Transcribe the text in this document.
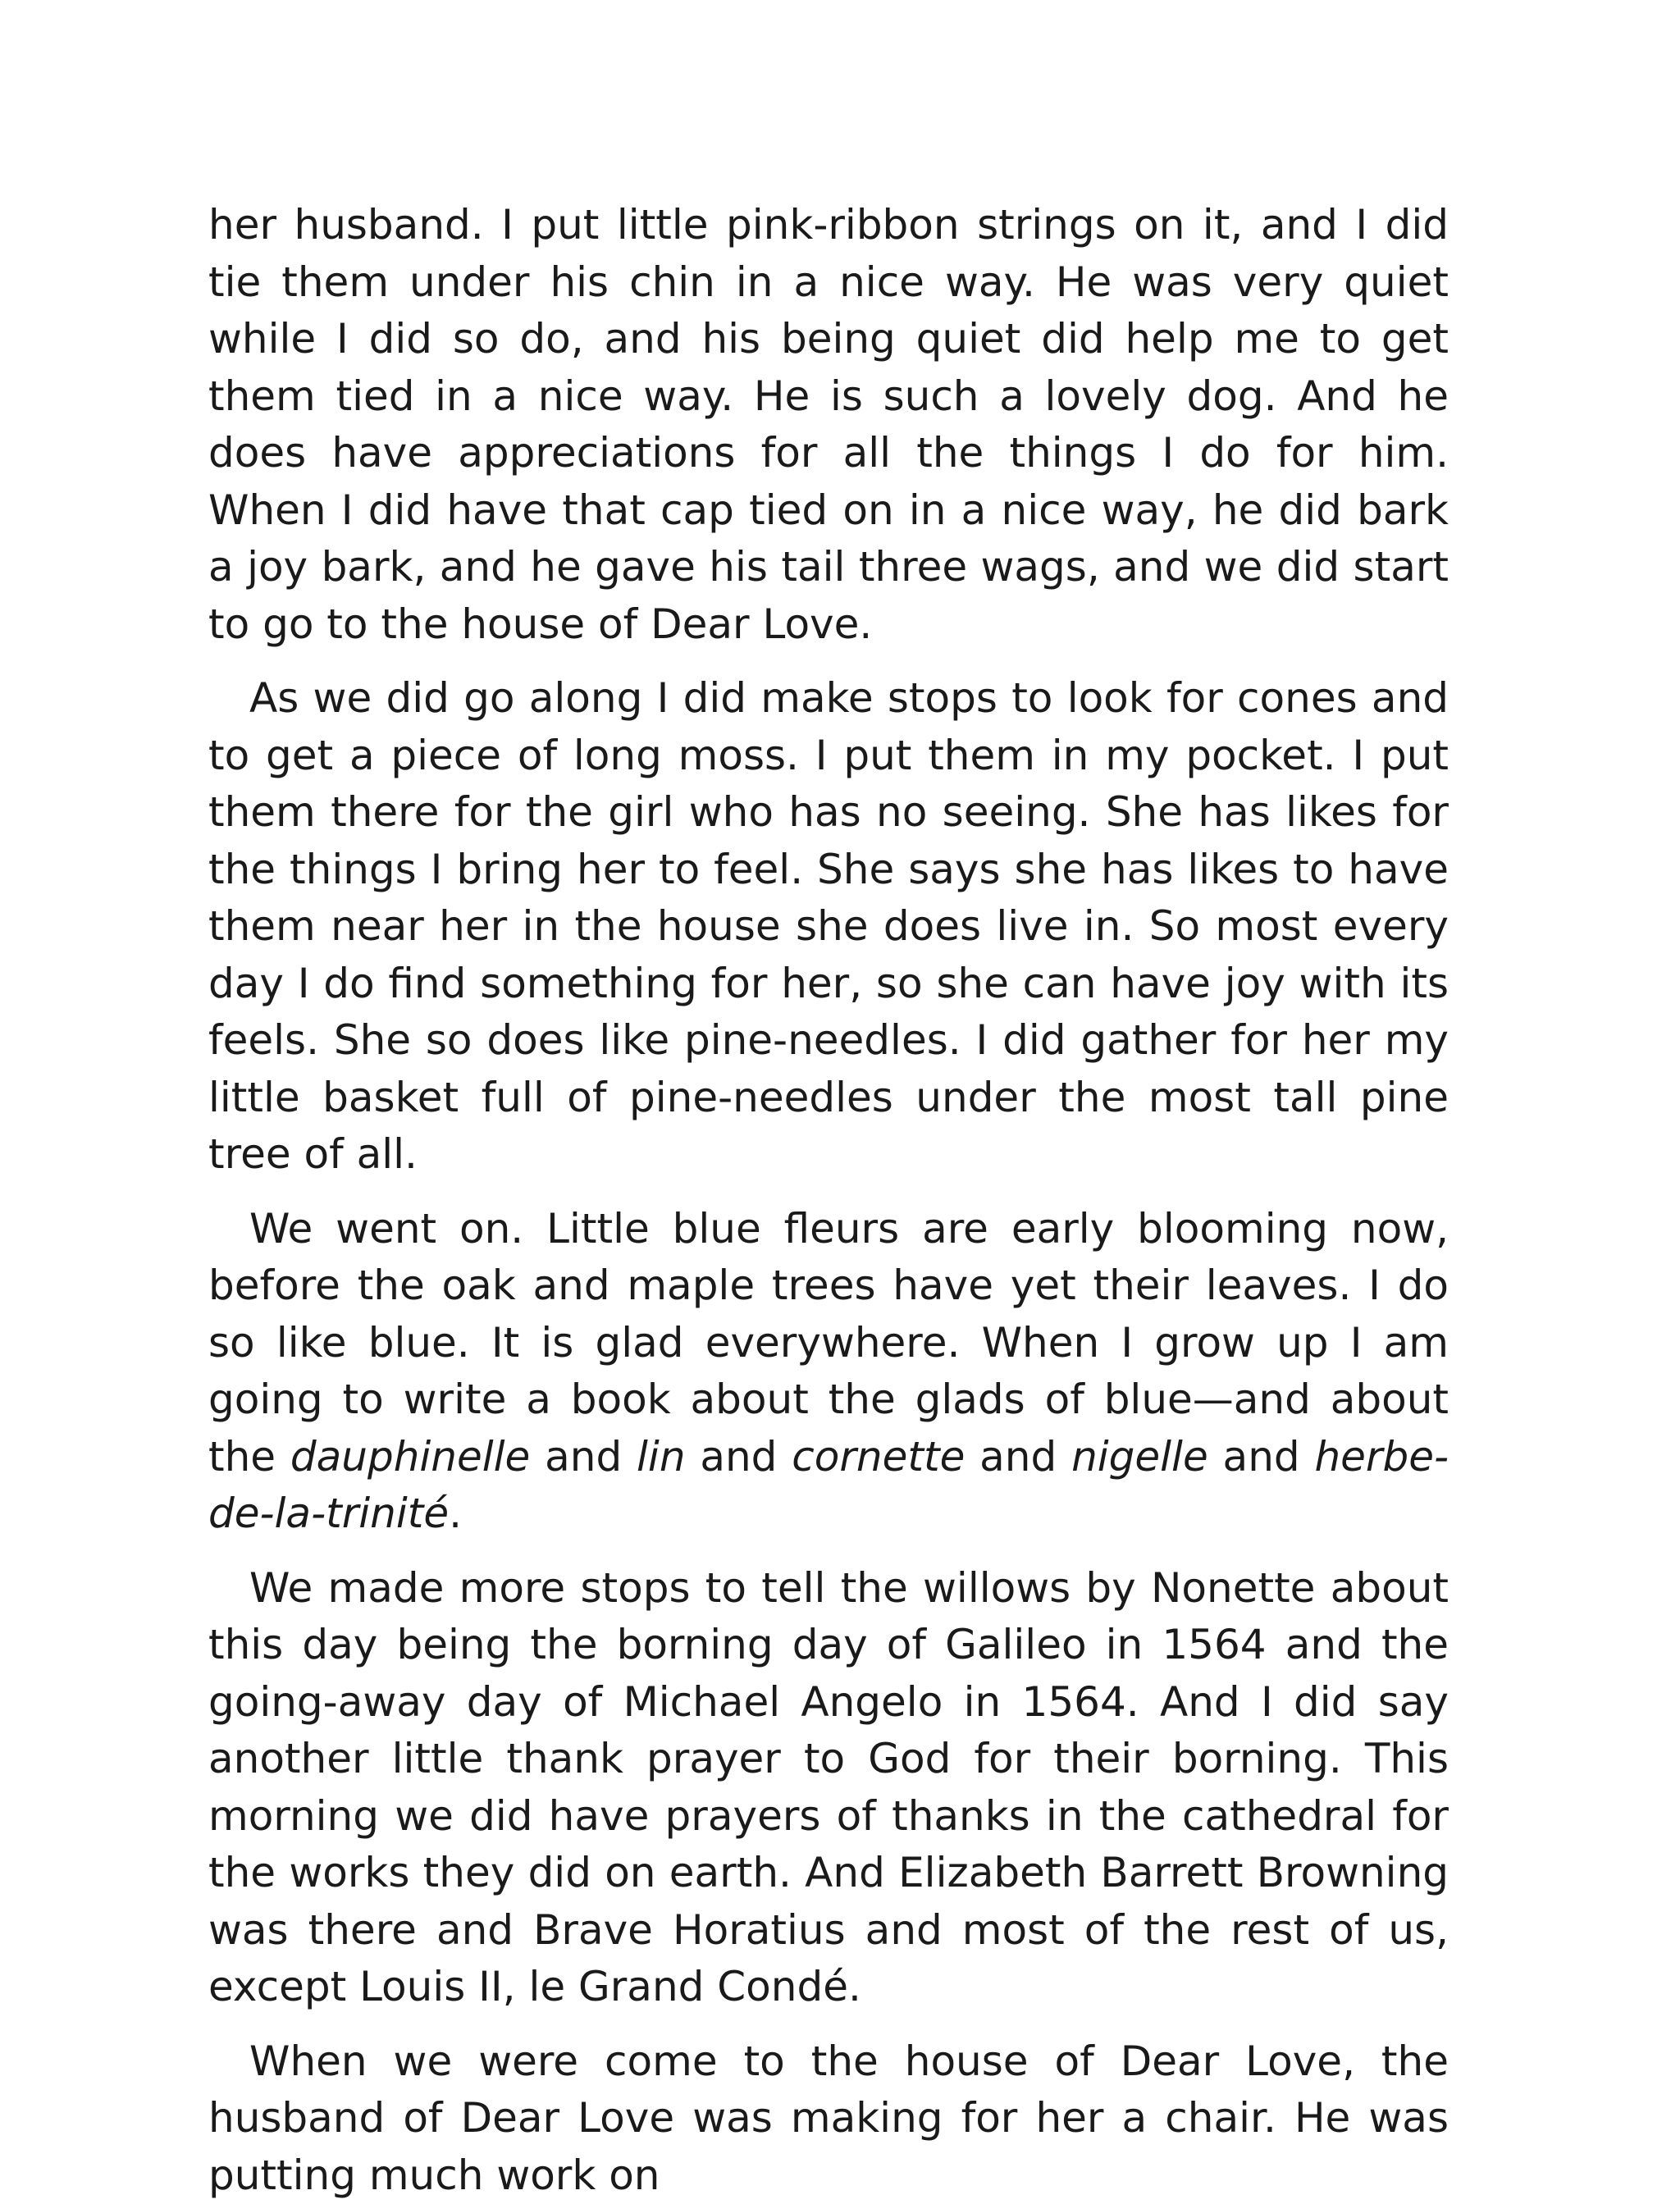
her husband. I put little pink-ribbon strings on it, and I did tie them under his chin in a nice way. He was very quiet while I did so do, and his being quiet did help me to get them tied in a nice way. He is such a lovely dog. And he does have appreciations for all the things I do for him. When I did have that cap tied on in a nice way, he did bark a joy bark, and he gave his tail three wags, and we did start to go to the house of Dear Love.

As we did go along I did make stops to look for cones and to get a piece of long moss. I put them in my pocket. I put them there for the girl who has no seeing. She has likes for the things I bring her to feel. She says she has likes to have them near her in the house she does live in. So most every day I do find something for her, so she can have joy with its feels. She so does like pine-needles. I did gather for her my little basket full of pine-needles under the most tall pine tree of all.

We went on. Little blue fleurs are early blooming now, before the oak and maple trees have yet their leaves. I do so like blue. It is glad everywhere. When I grow up I am going to write a book about the glads of blue—and about the dauphinelle and lin and cornette and nigelle and herbe-de-la-trinité.

We made more stops to tell the willows by Nonette about this day being the borning day of Galileo in 1564 and the going-away day of Michael Angelo in 1564. And I did say another little thank prayer to God for their borning. This morning we did have prayers of thanks in the cathedral for the works they did on earth. And Elizabeth Barrett Browning was there and Brave Horatius and most of the rest of us, except Louis II, le Grand Condé.

When we were come to the house of Dear Love, the husband of Dear Love was making for her a chair. He was putting much work on
